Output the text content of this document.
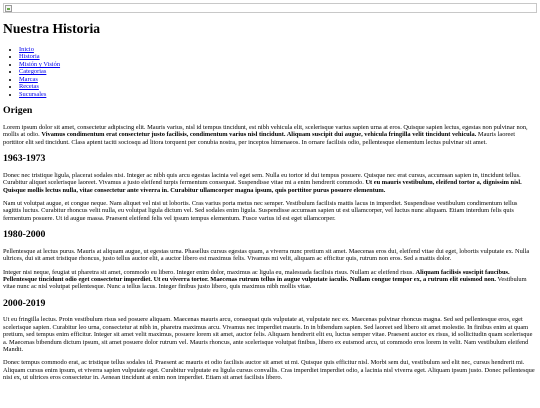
Nuestra Historia
• Inicio
• Historia
• Misión y Visión
• Categorias
• Marcas
• Recetas
• Sucursales
Origen

Lorem ipsum dolor sit amet, consectetur adipiscing elit. Mauris varius, nisl id tempus tincidunt, est nibh vehicula elit, scelerisque varius sapien urna at eros. Quisque sapien lectus, egestas non pulvinar non, mollis at odio. Vivamus condimentum erat consectetur justo facilisis, condimentum varius nisl tincidunt. Aliquam suscipit dui augue, vehicula fringilla velit tincidunt vehicula. Mauris laoreet porttitor elit sed tincidunt. Class aptent taciti sociosqu ad litora torquent per conubia nostra, per inceptos himenaeos. In ornare facilisis odio, pellentesque elementum lectus pulvinar sit amet.

1963-1973

Donec nec tristique ligula, placerat sodales nisi. Integer ac nibh quis arcu egestas lacinia vel eget sem. Nulla eu tortor id dui tempus posuere. Quisque nec erat cursus, accumsan sapien in, tincidunt tellus. Curabitur aliquet scelerisque laoreet. Vivamus a justo eleifend turpis fermentum consequat. Suspendisse vitae mi a enim hendrerit commodo. Ut eu mauris vestibulum, eleifend tortor a, dignissim nisl. Quisque mollis lectus nulla, vitae consectetur ante viverra in. Curabitur ullamcorper magna ipsum, quis porttitor purus posuere elementum.

Nam ut volutpat augue, et congue neque. Nam aliquet vel nisi ut lobortis. Cras varius porta metus nec semper. Vestibulum facilisis mattis lacus in imperdiet. Suspendisse vestibulum condimentum tellus sagittis luctus. Curabitur rhoncus velit nulla, eu volutpat ligula dictum vel. Sed sodales enim ligula. Suspendisse accumsan sapien ut est ullamcorper, vel luctus nunc aliquam. Etiam interdum felis quis fermentum posuere. Ut id augue massa. Praesent eleifend felis vel ipsum tempus elementum. Fusce varius id est eget ullamcorper.

1980-2000

Pellentesque at lectus purus. Mauris at aliquam augue, ut egestas urna. Phasellus cursus egestas quam, a viverra nunc pretium sit amet. Maecenas eros dui, eleifend vitae dui eget, lobortis vulputate ex. Nulla ultrices, dui sit amet tristique rhoncus, justo tellus auctor elit, a auctor libero est maximus felis. Vivamus mi velit, aliquam ac efficitur quis, rutrum non eros. Sed a mattis dolor.

Integer nisi neque, feugiat ut pharetra sit amet, commodo eu libero. Integer enim dolor, maximus ac ligula eu, malesuada facilisis risus. Nullam ac eleifend risus. Aliquam facilisis suscipit faucibus. Pellentesque tincidunt odio eget consectetur imperdiet. Ut eu viverra tortor. Maecenas rutrum tellus in augue vulputate iaculis. Nullam congue tempor ex, a rutrum elit euismod non. Vestibulum vitae nunc ac nisl volutpat pellentesque. Nunc a tellus lacus. Integer finibus justo libero, quis maximus nibh mollis vitae.

2000-2019

Ut eu fringilla lectus. Proin vestibulum risus sed posuere aliquam. Maecenas mauris arcu, consequat quis vulputate at, vulputate nec ex. Maecenas pulvinar rhoncus magna. Sed sed pellentesque eros, eget scelerisque sapien. Curabitur leo urna, consectetur at nibh in, pharetra maximus arcu. Vivamus nec imperdiet mauris. In in bibendum sapien. Sed laoreet sed libero sit amet molestie. In finibus enim at quam pretium, sed tempus enim efficitur. Integer sit amet velit maximus, posuere lorem sit amet, auctor felis. Aliquam hendrerit elit eu, luctus semper vitae. Praesent auctor ex risus, id sollicitudin quam scelerisque a. Maecenas bibendum dictum ipsum, sit amet posuere dolor rutrum vel. Mauris rhoncus, ante scelerisque volutpat finibus, libero ex euismod arcu, ut commodo eros lorem in velit. Nam vestibulum eleifend Mandit.

Donec tempus commodo erat, ac tristique tellus sodales id. Praesent ac mauris et odio facilisis auctor sit amet ut mi. Quisque quis efficitur nisl. Morbi sem dui, vestibulum sed elit nec, cursus hendrerit mi. Aliquam cursus enim ipsum, et viverra sapien vulputate eget. Curabitur vulputate eu ligula cursus convallis. Cras imperdiet imperdiet odio, a lacinia nisl viverra eget. Aliquam ipsum justo. Donec pellentesque nisi ex, ut ultrices eros consectetur in. Aenean tincidunt at enim non imperdiet. Etiam sit amet facilisis libero.
